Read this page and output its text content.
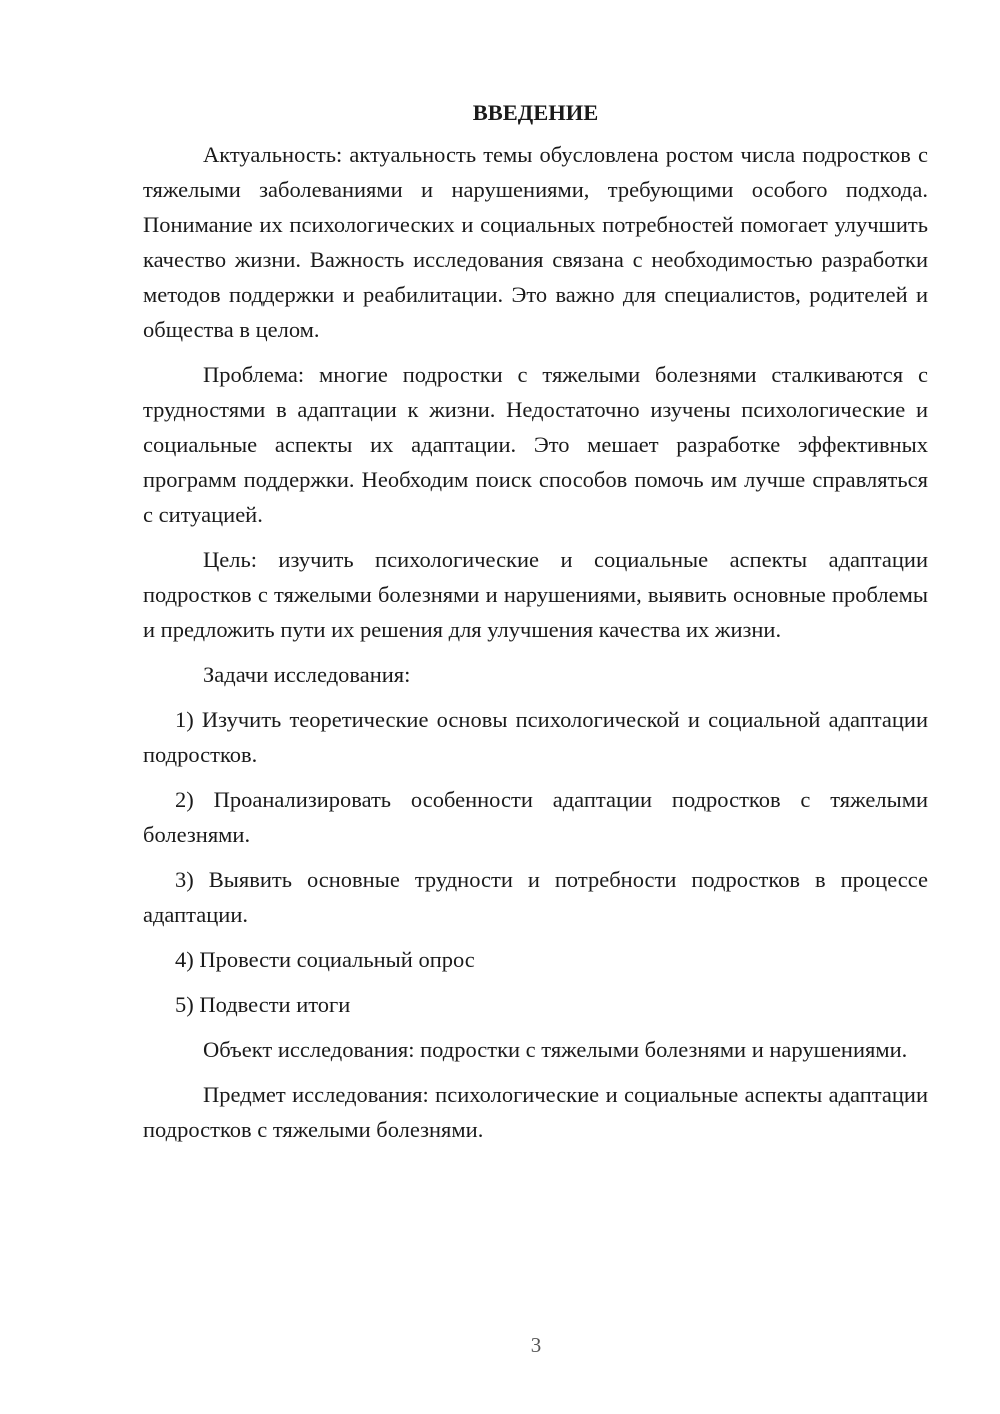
ВВЕДЕНИЕ

Актуальность: актуальность темы обусловлена ростом числа подростков с тяжелыми заболеваниями и нарушениями, требующими особого подхода. Понимание их психологических и социальных потребностей помогает улучшить качество жизни. Важность исследования связана с необходимостью разработки методов поддержки и реабилитации. Это важно для специалистов, родителей и общества в целом.

Проблема: многие подростки с тяжелыми болезнями сталкиваются с трудностями в адаптации к жизни. Недостаточно изучены психологические и социальные аспекты их адаптации. Это мешает разработке эффективных программ поддержки. Необходим поиск способов помочь им лучше справляться с ситуацией.

Цель: изучить психологические и социальные аспекты адаптации подростков с тяжелыми болезнями и нарушениями, выявить основные проблемы и предложить пути их решения для улучшения качества их жизни.

Задачи исследования:

1) Изучить теоретические основы психологической и социальной адаптации подростков.

2) Проанализировать особенности адаптации подростков с тяжелыми болезнями.

3) Выявить основные трудности и потребности подростков в процессе адаптации.

4) Провести социальный опрос

5) Подвести итоги

Объект исследования: подростки с тяжелыми болезнями и нарушениями.

Предмет исследования: психологические и социальные аспекты адаптации подростков с тяжелыми болезнями.

3
